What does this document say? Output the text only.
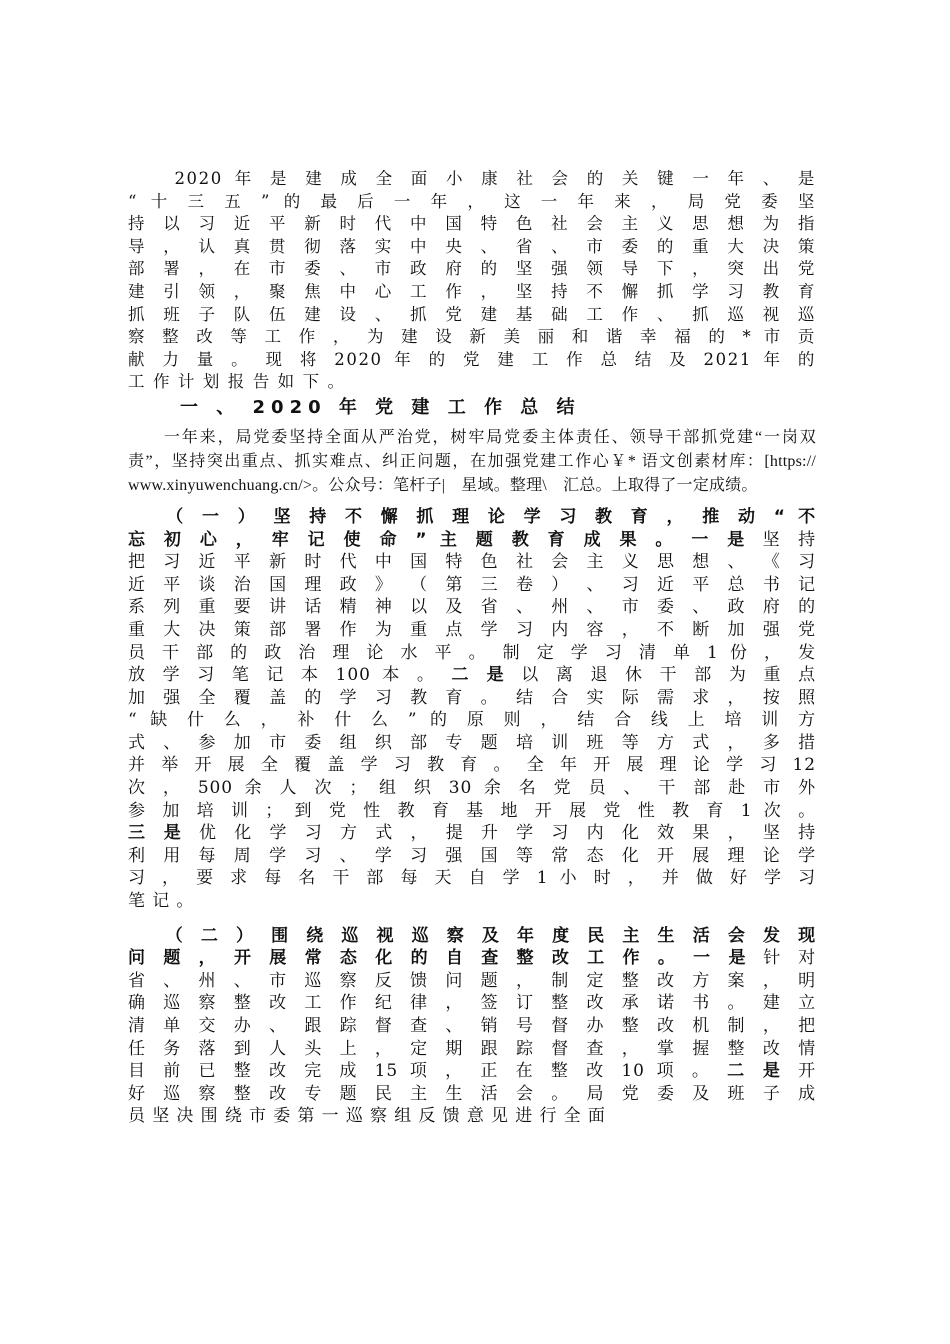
　　2020 年 是 建 成 全 面 小 康 社 会 的 关 键 一 年 、 是
“ 十 三 五 ” 的 最 后 一 年 ， 这 一 年 来 ， 局 党 委 坚
持 以 习 近 平 新 时 代 中 国 特 色 社 会 主 义 思 想 为 指
导 ， 认 真 贯 彻 落 实 中 央 、 省 、 市 委 的 重 大 决 策
部 署 ， 在 市 委 、 市 政 府 的 坚 强 领 导 下 ， 突 出 党
建 引 领 ， 聚 焦 中 心 工 作 ， 坚 持 不 懈 抓 学 习 教 育
抓 班 子 队 伍 建 设 、 抓 党 建 基 础 工 作 、 抓 巡 视 巡
察 整 改 等 工 作 ， 为 建 设 新 美 丽 和 谐 幸 福 的 * 市 贡
献 力 量 。 现 将 2020 年 的 党 建 工 作 总 结 及 2021 年 的
工 作 计 划 报 告 如 下 。
一 、 2020 年 党 建 工 作 总 结
　　一年来，局党委坚持全面从严治党，树牢局党委主体责任、领导干部抓党建“一岗双
责”，坚持突出重点、抓实难点、纠正问题，在加强党建工作心￥* 语文创素材库：[https://
www.xinyuwenchuang.cn/>。公众号：笔杆子|　星域。整理\　汇总。上取得了一定成绩。
　　（ 一 ） 坚 持 不 懈 抓 理 论 学 习 教 育 ， 推 动 “ 不
忘 初 心 ， 牢 记 使 命 ” 主 题 教 育 成 果 。 一 是 坚 持
把 习 近 平 新 时 代 中 国 特 色 社 会 主 义 思 想 、 《 习
近 平 谈 治 国 理 政 》 （ 第 三 卷 ） 、 习 近 平 总 书 记
系 列 重 要 讲 话 精 神 以 及 省 、 州 、 市 委 、 政 府 的
重 大 决 策 部 署 作 为 重 点 学 习 内 容 ， 不 断 加 强 党
员 干 部 的 政 治 理 论 水 平 。 制 定 学 习 清 单 1 份 ， 发
放 学 习 笔 记 本 100 本 。 二 是 以 离 退 休 干 部 为 重 点
加 强 全 覆 盖 的 学 习 教 育 。 结 合 实 际 需 求 ， 按 照
“ 缺 什 么 ， 补 什 么 ” 的 原 则 ， 结 合 线 上 培 训 方
式 、 参 加 市 委 组 织 部 专 题 培 训 班 等 方 式 ， 多 措
并 举 开 展 全 覆 盖 学 习 教 育 。 全 年 开 展 理 论 学 习 12
次 ， 500 余 人 次 ； 组 织 30 余 名 党 员 、 干 部 赴 市 外
参 加 培 训 ； 到 党 性 教 育 基 地 开 展 党 性 教 育 1 次 。
三 是 优 化 学 习 方 式 ， 提 升 学 习 内 化 效 果 ， 坚 持
利 用 每 周 学 习 、 学 习 强 国 等 常 态 化 开 展 理 论 学
习 ， 要 求 每 名 干 部 每 天 自 学 1 小 时 ， 并 做 好 学 习
笔 记 。
　　（ 二 ） 围 绕 巡 视 巡 察 及 年 度 民 主 生 活 会 发 现
问 题 ， 开 展 常 态 化 的 自 查 整 改 工 作 。 一 是 针 对
省 、 州 、 市 巡 察 反 馈 问 题 ， 制 定 整 改 方 案 ， 明
确 巡 察 整 改 工 作 纪 律 ， 签 订 整 改 承 诺 书 。 建 立
清 单 交 办 、 跟 踪 督 查 、 销 号 督 办 整 改 机 制 ， 把
任 务 落 到 人 头 上 ， 定 期 跟 踪 督 查 ， 掌 握 整 改 情
目 前 已 整 改 完 成 15 项 ， 正 在 整 改 10 项 。 二 是 开
好 巡 察 整 改 专 题 民 主 生 活 会 。 局 党 委 及 班 子 成
员 坚 决 围 绕 市 委 第 一 巡 察 组 反 馈 意 见 进 行 全 面
